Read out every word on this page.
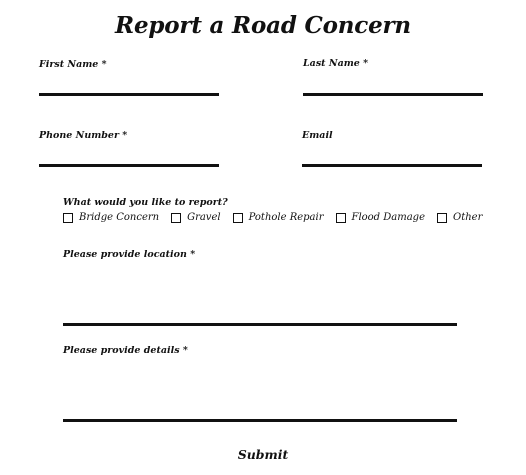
Report a Road Concern
First Name *	Last Name *
Phone Number *	Email
What would you like to report?
Bridge Concern	Gravel	Pothole Repair	Flood Damage	Other
Please provide location *
Please provide details *
Submit
